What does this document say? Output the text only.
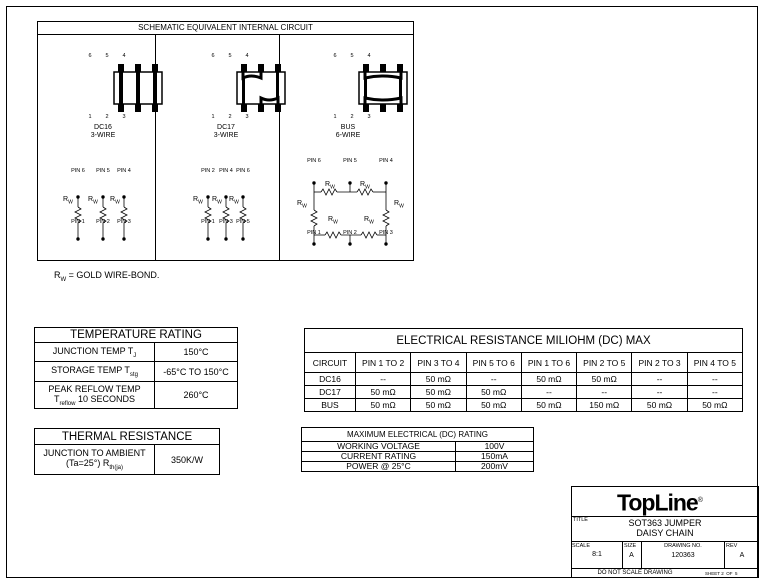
SCHEMATIC EQUIVALENT INTERNAL CIRCUIT
6	5	4
1	2	3
DC16
3-WIRE
6	5	4
1	2	3
DC17
3-WIRE
6	5	4
1	2	3
BUS
6-WIRE
PIN 6	PIN 5	PIN 4
PIN 1	PIN 2	PIN 3
$R_W$ $R_W$ $R_W$
PIN 2 PIN 4 PIN 6
PIN 1 PIN 3 PIN 5
$R_W$ $R_W$ $R_W$
PIN 6	PIN 5	PIN 4
PIN 1	PIN 2	PIN 3
$R_W$	$R_W$
$R_W$	$R_W$
$R_W$	$R_W$
$R_W$ = GOLD WIRE-BOND.
TEMPERATURE RATING	
JUNCTION TEMP $T_J$	150°C
STORAGE TEMP $T_{stg}$	-65°C TO 150°C

PEAK REFLOW TEMP
$T_{reflow}$ 10 SECONDS	260°C
THERMAL RESISTANCE

JUNCTION TO AMBIENT
(Ta=25°) $R_{th(ja)}$
	350K/W
ELECTRICAL RESISTANCE MILIOHM (DC) MAX							
CIRCUIT	PIN 1 TO 2	PIN 3 TO 4	PIN 5 TO 6	PIN 1 TO 6	PIN 2 TO 5	PIN 2 TO 3	PIN 4 TO 5
DC16	--	50 mΩ	--	50 mΩ	50 mΩ	--	--
DC17	50 mΩ	50 mΩ	50 mΩ	--	--	--	--
BUS	50 mΩ	50 mΩ	50 mΩ	50 mΩ	150 mΩ	50 mΩ	50 mΩ
MAXIMUM ELECTRICAL (DC) RATING	
WORKING VOLTAGE	100V
CURRENT RATING	150mA
POWER @ 25°C	200mV
TopLine®
TITLE	SOT363 JUMPER
DAISY CHAIN
SCALE
8:1
SIZE
A
DRAWING NO.
120363
REV
A
DO NOT SCALE DRAWING	SHEET 2 OF 5
